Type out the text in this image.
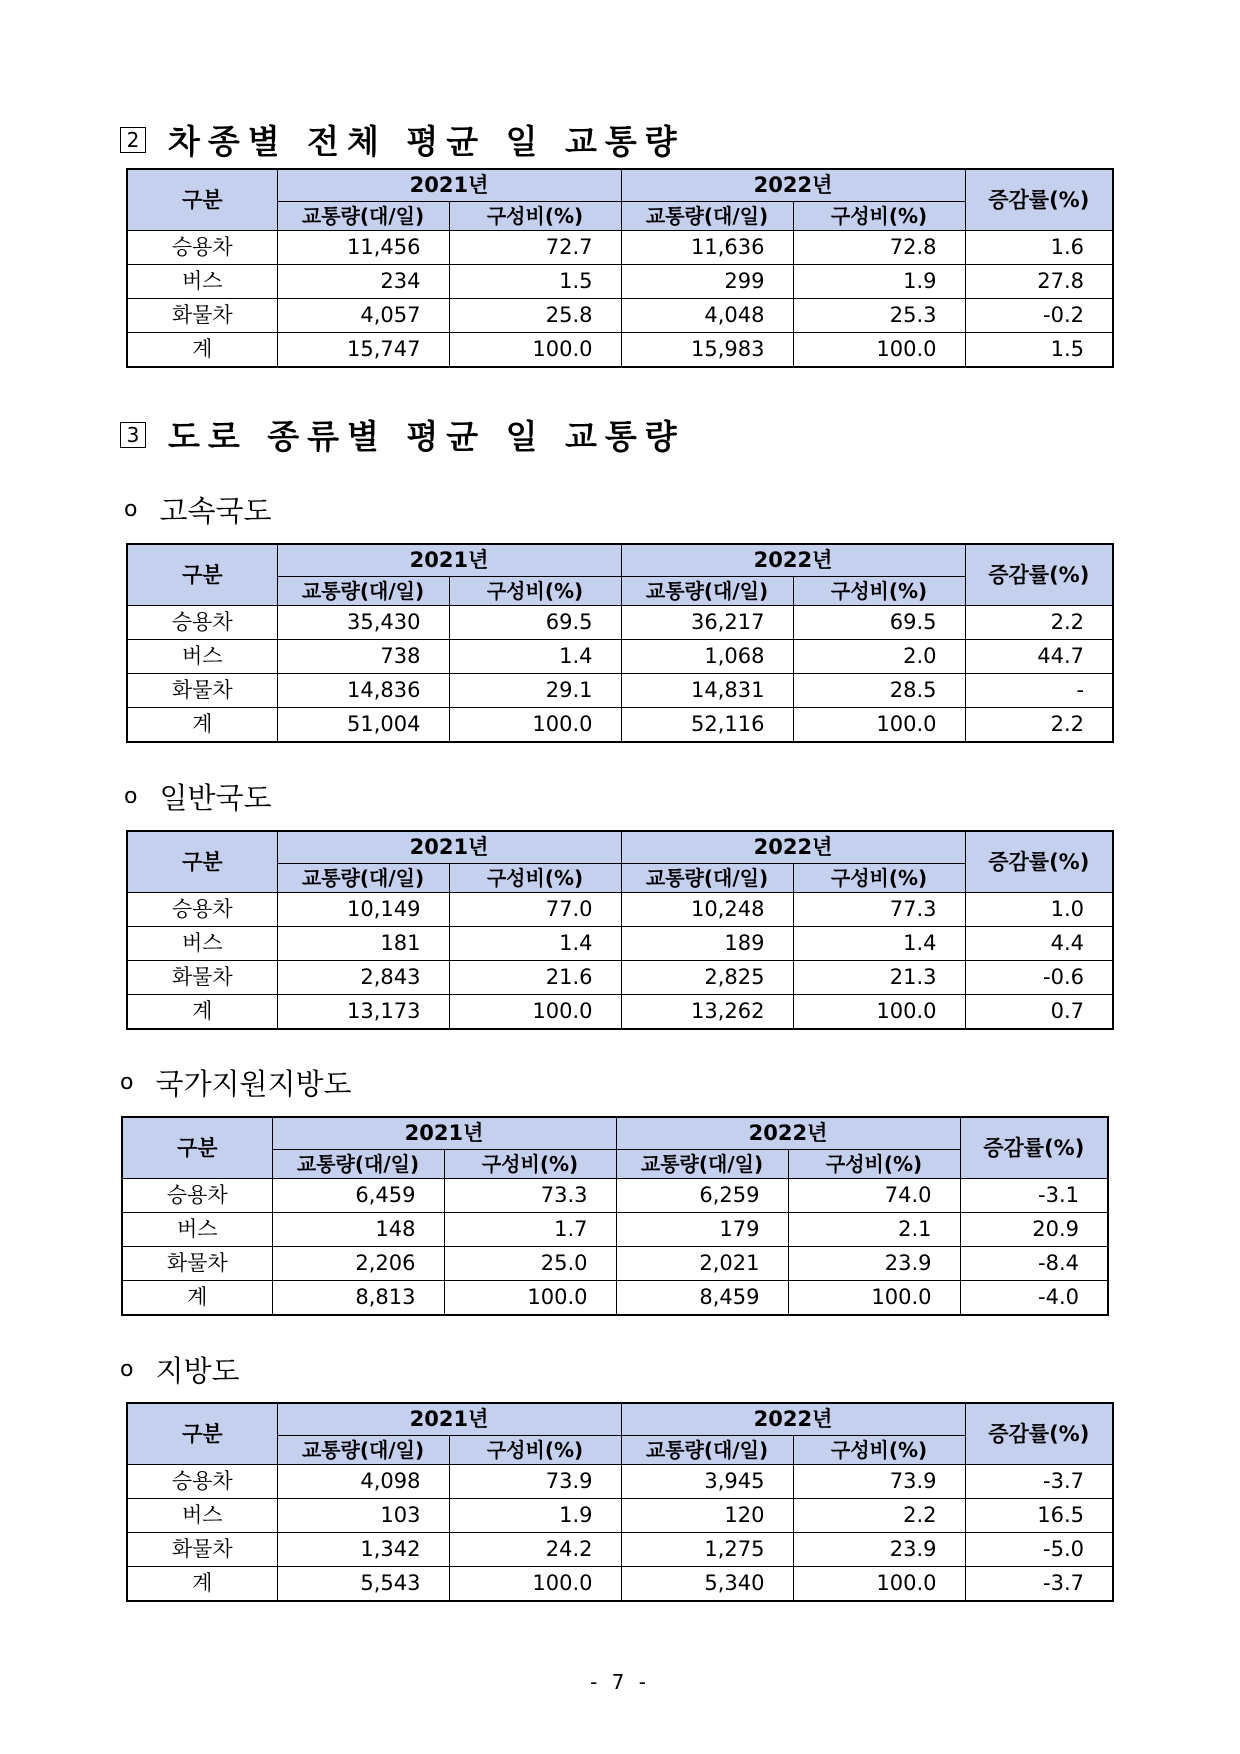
2 차종별 전체 평균 일 교통량
구분	2021년		2022년		증감률(%)
	교통량(대/일)	구성비(%)	교통량(대/일)	구성비(%)	
승용차	11,456	72.7	11,636	72.8	1.6
버스	234	1.5	299	1.9	27.8
화물차	4,057	25.8	4,048	25.3	-0.2
계	15,747	100.0	15,983	100.0	1.5
3 도로 종류별 평균 일 교통량
o 고속국도
구분	2021년		2022년		증감률(%)
	교통량(대/일)	구성비(%)	교통량(대/일)	구성비(%)	
승용차	35,430	69.5	36,217	69.5	2.2
버스	738	1.4	1,068	2.0	44.7
화물차	14,836	29.1	14,831	28.5	-
계	51,004	100.0	52,116	100.0	2.2
o 일반국도
구분	2021년		2022년		증감률(%)
	교통량(대/일)	구성비(%)	교통량(대/일)	구성비(%)	
승용차	10,149	77.0	10,248	77.3	1.0
버스	181	1.4	189	1.4	4.4
화물차	2,843	21.6	2,825	21.3	-0.6
계	13,173	100.0	13,262	100.0	0.7
o 국가지원지방도
구분	2021년		2022년		증감률(%)
	교통량(대/일)	구성비(%)	교통량(대/일)	구성비(%)	
승용차	6,459	73.3	6,259	74.0	-3.1
버스	148	1.7	179	2.1	20.9
화물차	2,206	25.0	2,021	23.9	-8.4
계	8,813	100.0	8,459	100.0	-4.0
o 지방도
구분	2021년		2022년		증감률(%)
	교통량(대/일)	구성비(%)	교통량(대/일)	구성비(%)	
승용차	4,098	73.9	3,945	73.9	-3.7
버스	103	1.9	120	2.2	16.5
화물차	1,342	24.2	1,275	23.9	-5.0
계	5,543	100.0	5,340	100.0	-3.7
- 7 -
